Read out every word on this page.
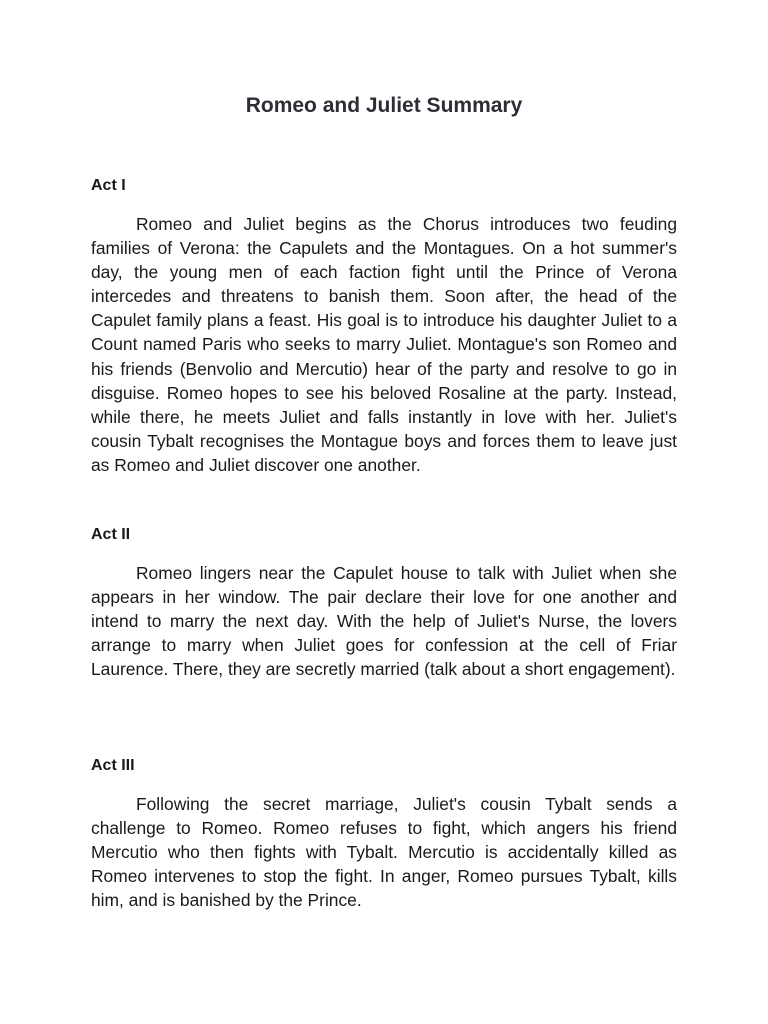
Romeo and Juliet Summary
Act I

Romeo and Juliet begins as the Chorus introduces two feuding families of Verona: the Capulets and the Montagues. On a hot summer's day, the young men of each faction fight until the Prince of Verona intercedes and threatens to banish them. Soon after, the head of the Capulet family plans a feast. His goal is to introduce his daughter Juliet to a Count named Paris who seeks to marry Juliet. Montague's son Romeo and his friends (Benvolio and Mercutio) hear of the party and resolve to go in disguise. Romeo hopes to see his beloved Rosaline at the party. Instead, while there, he meets Juliet and falls instantly in love with her. Juliet's cousin Tybalt recognises the Montague boys and forces them to leave just as Romeo and Juliet discover one another.

Act II

Romeo lingers near the Capulet house to talk with Juliet when she appears in her window. The pair declare their love for one another and intend to marry the next day. With the help of Juliet's Nurse, the lovers arrange to marry when Juliet goes for confession at the cell of Friar Laurence. There, they are secretly married (talk about a short engagement).

Act III

Following the secret marriage, Juliet's cousin Tybalt sends a challenge to Romeo. Romeo refuses to fight, which angers his friend Mercutio who then fights with Tybalt. Mercutio is accidentally killed as Romeo intervenes to stop the fight. In anger, Romeo pursues Tybalt, kills him, and is banished by the Prince.
